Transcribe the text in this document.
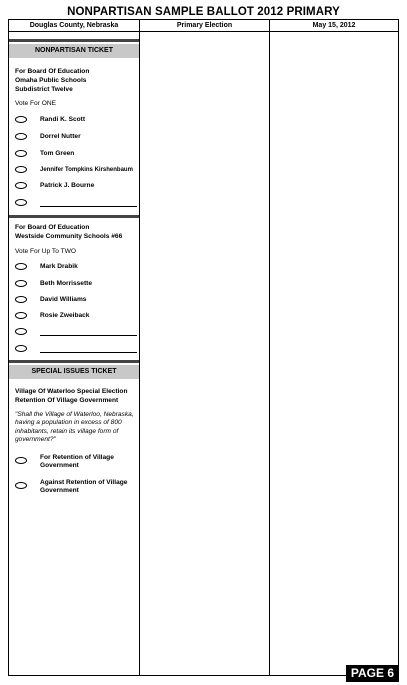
NONPARTISAN SAMPLE BALLOT 2012 PRIMARY
Douglas County, Nebraska	Primary Election	May 15, 2012
NONPARTISAN TICKET
For Board Of Education
Omaha Public Schools
Subdistrict Twelve
Vote For ONE
Randi K. Scott
Dorrel Nutter
Tom Green
Jennifer Tompkins Kirshenbaum
Patrick J. Bourne
For Board Of Education
Westside Community Schools #66
Vote For Up To TWO
Mark Drabik
Beth Morrissette
David Williams
Rosie Zweiback
SPECIAL ISSUES TICKET
Village Of Waterloo Special Election
Retention Of Village Government
"Shall the Village of Waterloo, Nebraska, having a population in excess of 800 inhabitants, retain its village form of government?"
For Retention of Village
Government
Against Retention of Village
Government
PAGE 6
